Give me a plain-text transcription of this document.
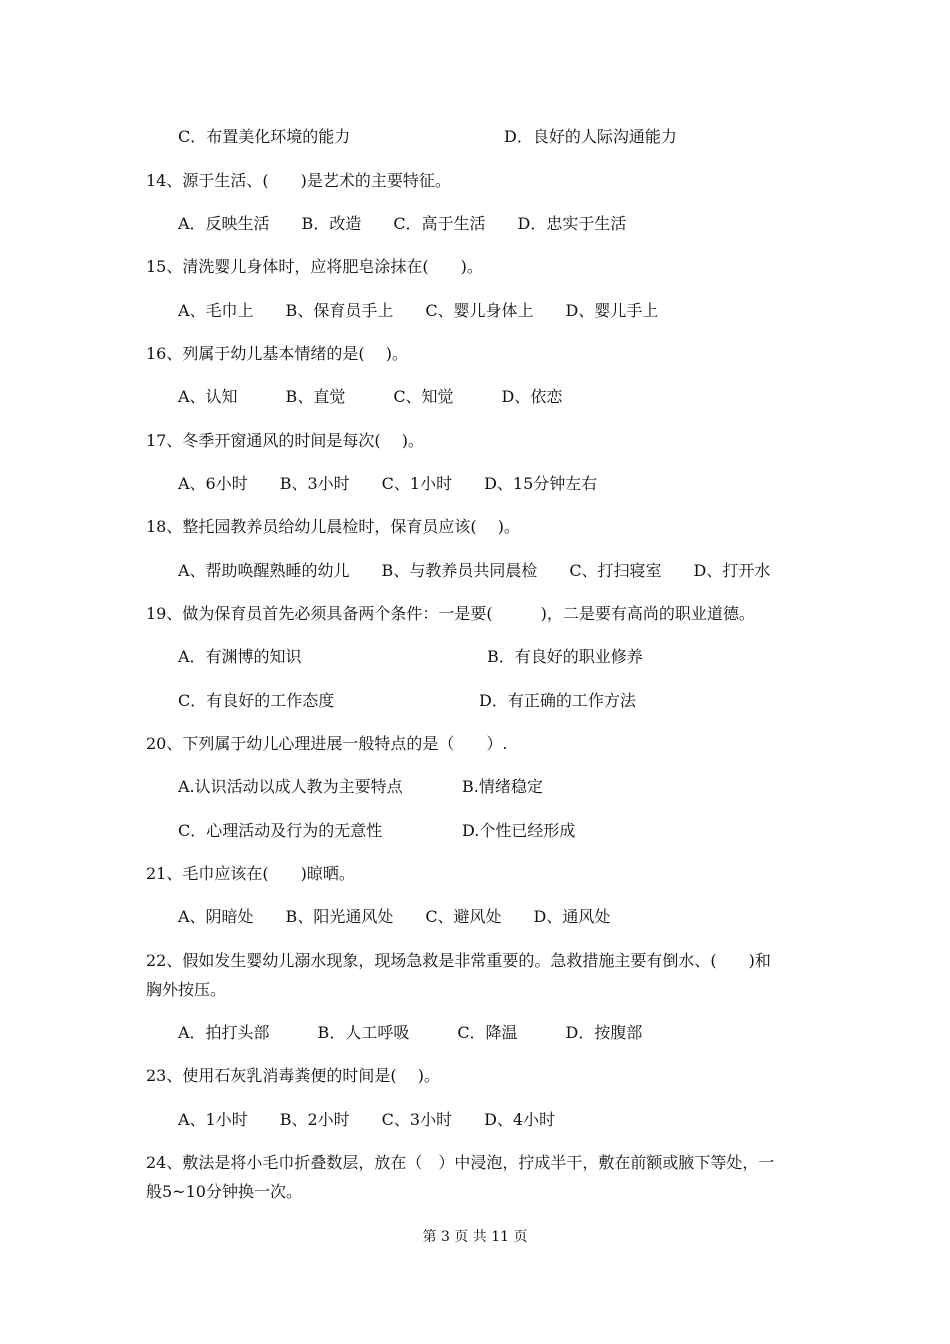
C．布置美化环境的能力	D．良好的人际沟通能力
14、源于生活、(　　)是艺术的主要特征。
A．反映生活　　B．改造　　C．高于生活　　D．忠实于生活
15、清洗婴儿身体时，应将肥皂涂抹在(　　)。
A、毛巾上　　B、保育员手上　　C、婴儿身体上　　D、婴儿手上
16、列属于幼儿基本情绪的是(　 )。
A、认知　　　B、直觉　　　C、知觉　　　D、依恋
17、冬季开窗通风的时间是每次(　 )。
A、6小时　　B、3小时　　C、1小时　　D、15分钟左右
18、整托园教养员给幼儿晨检时，保育员应该(　 )。
A、帮助唤醒熟睡的幼儿　　B、与教养员共同晨检　　C、打扫寝室　　D、打开水
19、做为保育员首先必须具备两个条件：一是要(　　　)，二是要有高尚的职业道德。
A．有渊博的知识	B．有良好的职业修养
C．有良好的工作态度	D．有正确的工作方法
20、下列属于幼儿心理进展一般特点的是（　　）.
A.认识活动以成人教为主要特点	B.情绪稳定
C．心理活动及行为的无意性	D.个性已经形成
21、毛巾应该在(　　)晾晒。
A、阴暗处　　B、阳光通风处　　C、避风处　　D、通风处
22、假如发生婴幼儿溺水现象，现场急救是非常重要的。急救措施主要有倒水、(　　)和
胸外按压。
A．拍打头部　　　B．人工呼吸　　　C．降温　　　D．按腹部
23、使用石灰乳消毒粪便的时间是(　 )。
A、1小时　　B、2小时　　C、3小时　　D、4小时
24、敷法是将小毛巾折叠数层，放在（　）中浸泡，拧成半干，敷在前额或腋下等处，一
般5~10分钟换一次。
第 3 页 共 11 页
